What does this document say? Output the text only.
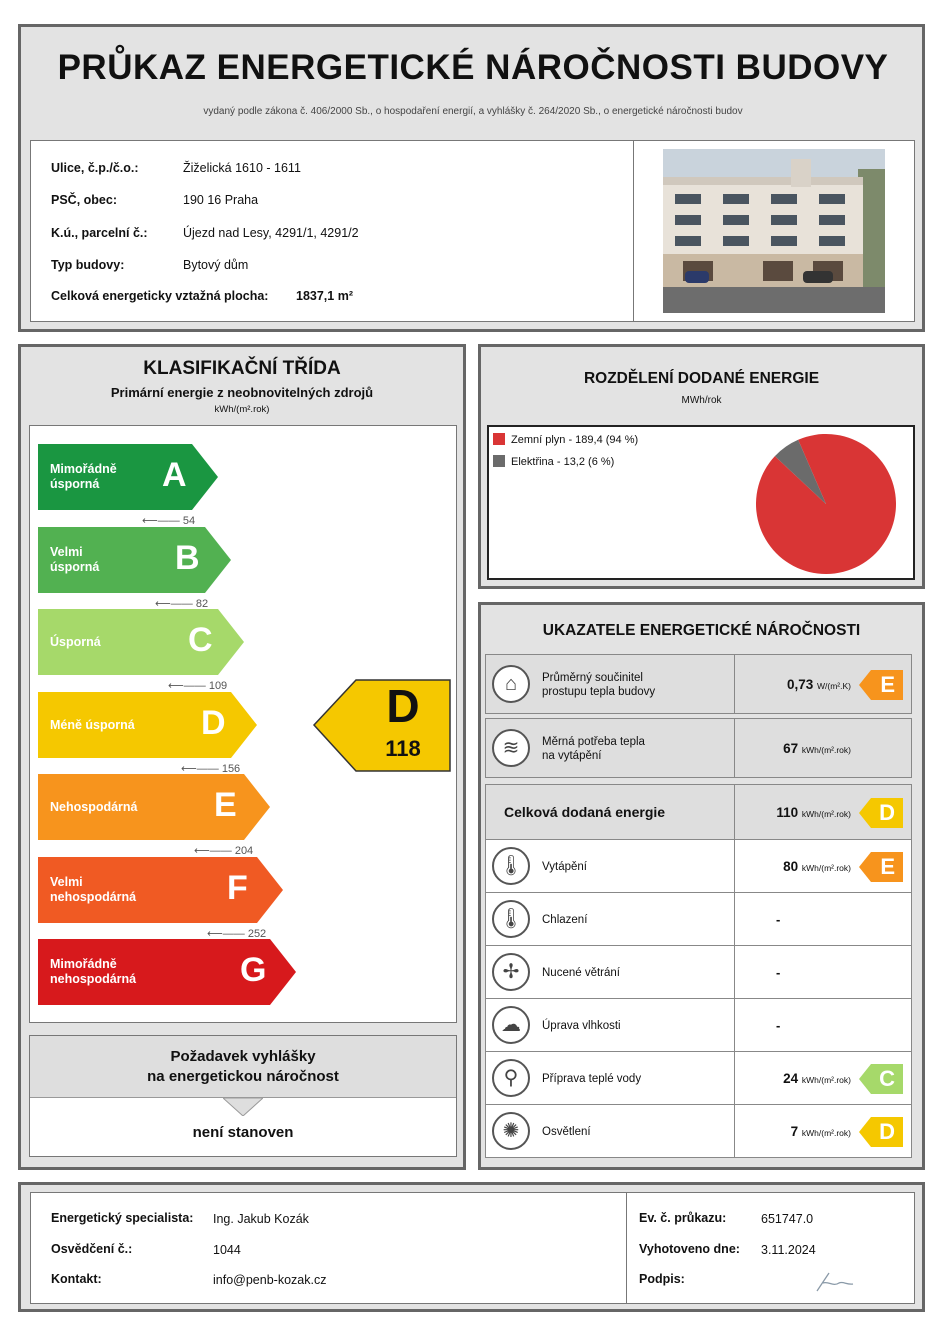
PRŮKAZ ENERGETICKÉ NÁROČNOSTI BUDOVY
vydaný podle zákona č. 406/2000 Sb., o hospodaření energií, a vyhlášky č. 264/2020 Sb., o energetické náročnosti budov
Ulice, č.p./č.o.:	Žiželická 1610 - 1611
PSČ, obec:	190 16 Praha
K.ú., parcelní č.:	Újezd nad Lesy, 4291/1, 4291/2
Typ budovy:	Bytový dům
Celková energeticky vztažná plocha: 1837,1 m²
KLASIFIKAČNÍ TŘÍDA
Primární energie z neobnovitelných zdrojů
kWh/(m².rok)
Mimořádně
úsporná	A
⟵—— 54
Velmi
úsporná B
⟵—— 82
Úsporná	C
⟵—— 109
Méně úsporná D
⟵—— 156
Nehospodárná E
⟵—— 204
Velmi
nehospodárná	F
⟵—— 252
Mimořádně
nehospodárná	G
D
118
Požadavek vyhlášky
na energetickou náročnost
není stanoven
ROZDĚLENÍ DODANÉ ENERGIE
MWh/rok
Zemní plyn - 189,4 (94 %)
Elektřina - 13,2 (6 %)
UKAZATELE ENERGETICKÉ NÁROČNOSTI
⌂	Průměrný součinitel
prostupu tepla budovy
0,73 W/(m².K) E
≋	Měrná potřeba tepla
na vytápění
67 kWh/(m².rok)
Celková dodaná energie	110 kWh/(m².rok) D
🌡	Vytápění	80 kWh/(m².rok) E
🌡	Chlazení	-
✢	Nucené větrání	-
☁	Úprava vlhkosti	-
⚲	Příprava teplé vody	24 kWh/(m².rok) C
✺	Osvětlení	7 kWh/(m².rok) D
Energetický specialista: Ing. Jakub Kozák
Osvědčení č.:	1044
Kontakt:	info@penb-kozak.cz
Ev. č. průkazu:	651747.0
Vyhotoveno dne: 3.11.2024
Podpis:
